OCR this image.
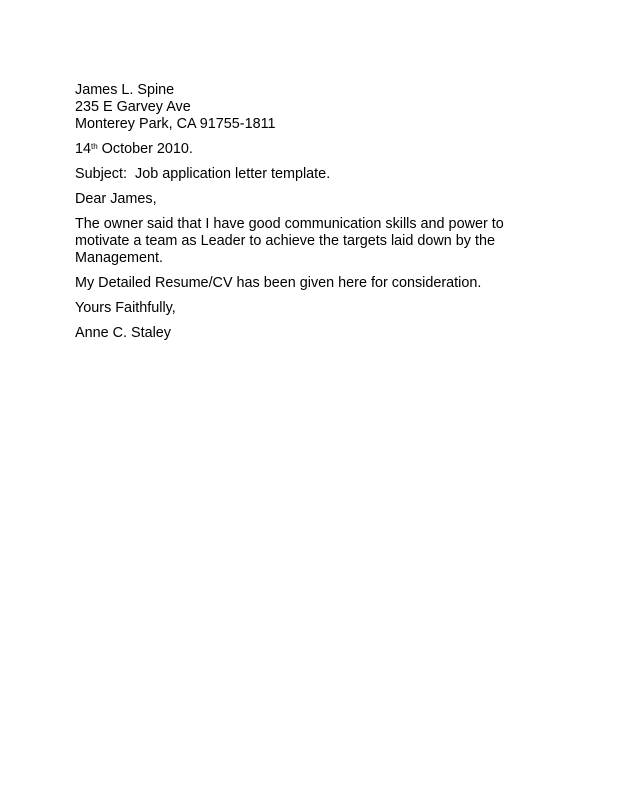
James L. Spine
235 E Garvey Ave
Monterey Park, CA 91755-1811
14th October 2010.
Subject: Job application letter template.
Dear James,
The owner said that I have good communication skills and power to
motivate a team as Leader to achieve the targets laid down by the
Management.
My Detailed Resume/CV has been given here for consideration.
Yours Faithfully,
Anne C. Staley
